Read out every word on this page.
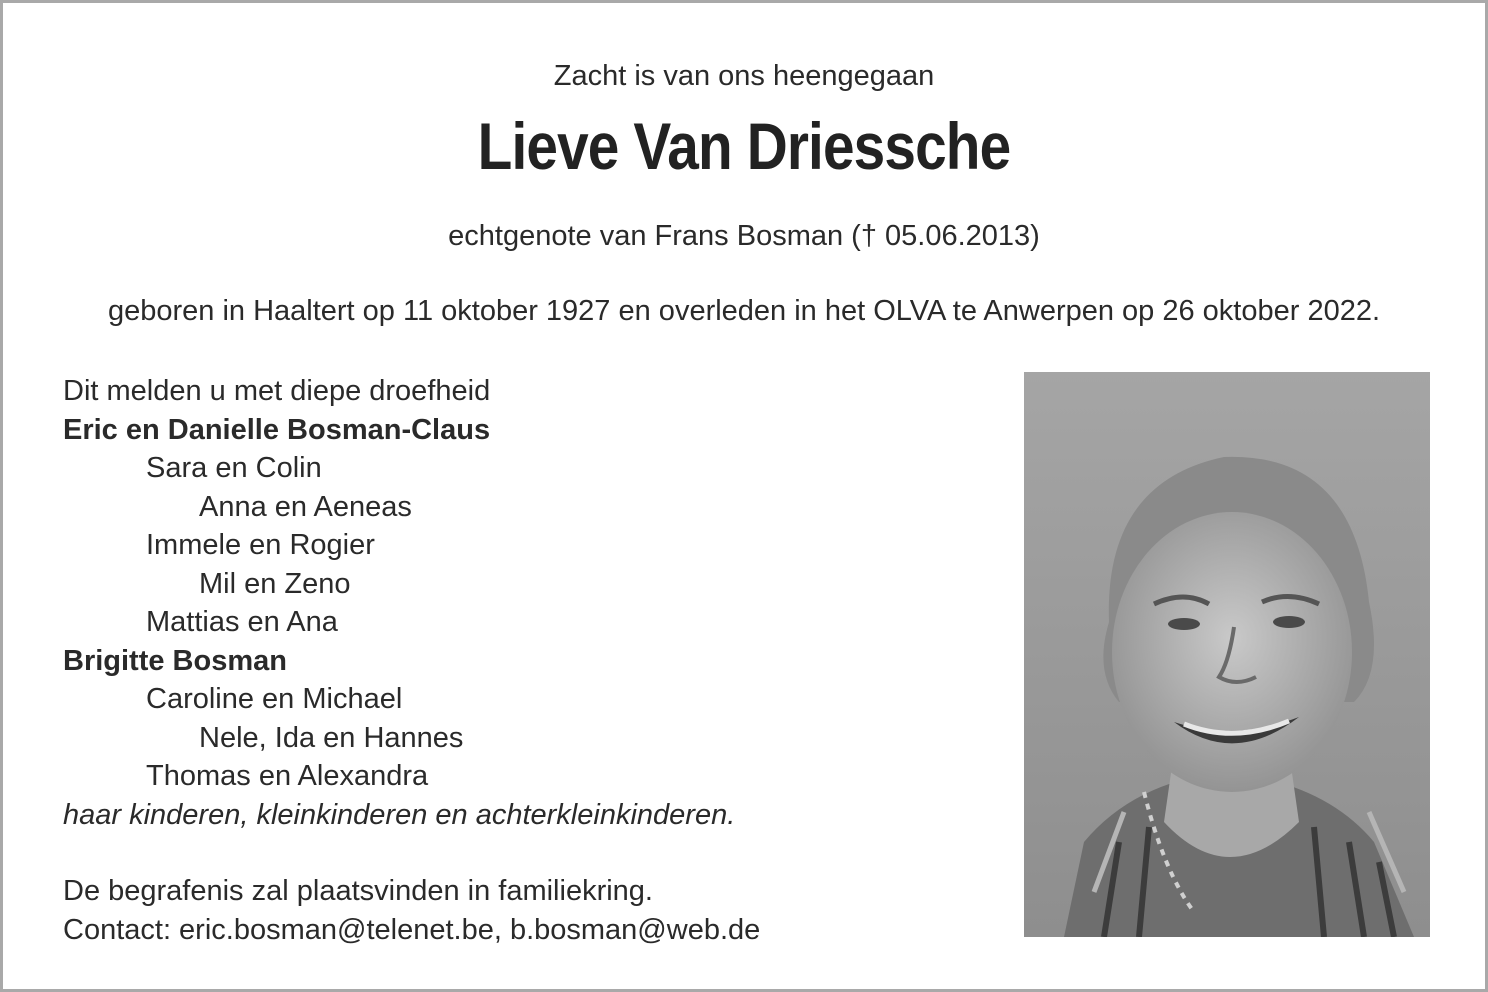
Zacht is van ons heengegaan
Lieve Van Driessche
echtgenote van Frans Bosman († 05.06.2013)
geboren in Haaltert op 11 oktober 1927 en overleden in het OLVA te Anwerpen op 26 oktober 2022.
Dit melden u met diepe droefheid
Eric en Danielle Bosman-Claus
Sara en Colin
Anna en Aeneas
Immele en Rogier
Mil en Zeno
Mattias en Ana
Brigitte Bosman
Caroline en Michael
Nele, Ida en Hannes
Thomas en Alexandra
haar kinderen, kleinkinderen en achterkleinkinderen.
De begrafenis zal plaatsvinden in familiekring.
Contact: eric.bosman@telenet.be, b.bosman@web.de
